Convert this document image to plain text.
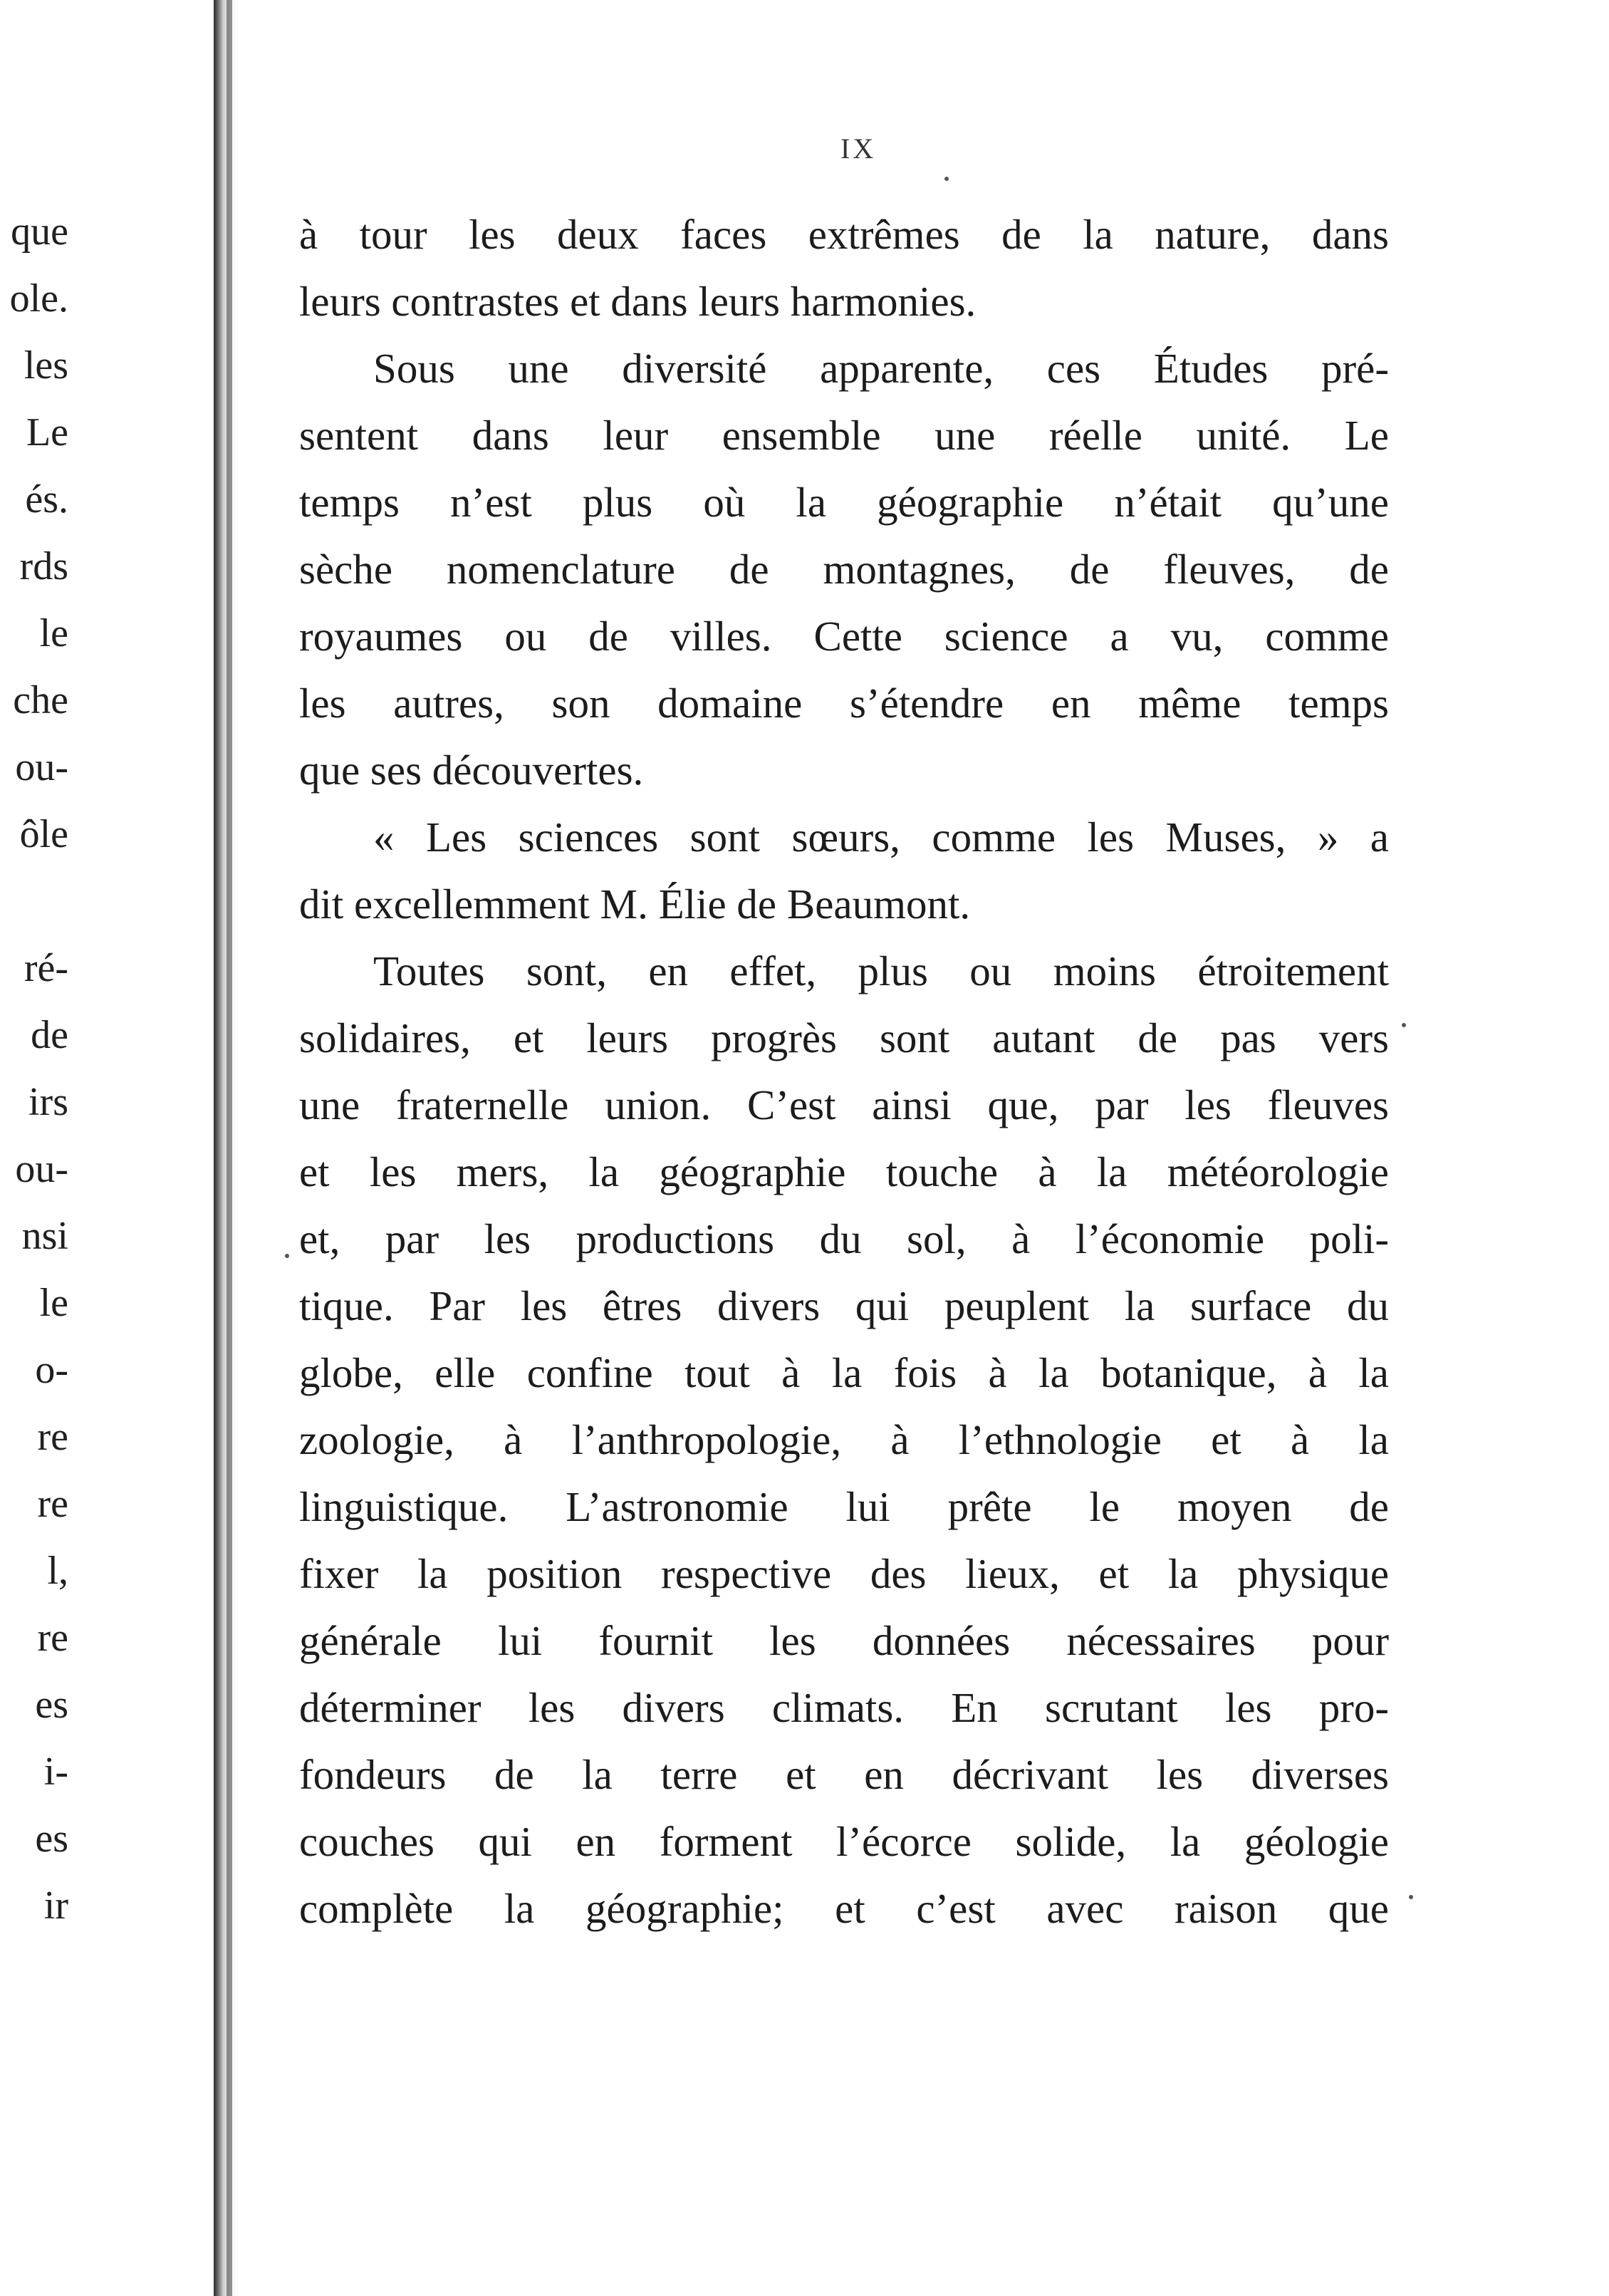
que
ole.
les
Le
és.
rds
le
che
ou-
ôle
ré-
de
irs
ou-
nsi
le
o-
re
re
l,
re
es
i-
es
ir
IX
à tour les deux faces extrêmes de la nature, dans
leurs contrastes et dans leurs harmonies.
Sous une diversité apparente, ces Études pré-
sentent dans leur ensemble une réelle unité. Le
temps n’est plus où la géographie n’était qu’une
sèche nomenclature de montagnes, de fleuves, de
royaumes ou de villes. Cette science a vu, comme
les autres, son domaine s’étendre en même temps
que ses découvertes.
« Les sciences sont sœurs, comme les Muses, » a
dit excellemment M. Élie de Beaumont.
Toutes sont, en effet, plus ou moins étroitement
solidaires, et leurs progrès sont autant de pas vers
une fraternelle union. C’est ainsi que, par les fleuves
et les mers, la géographie touche à la météorologie
et, par les productions du sol, à l’économie poli-
tique. Par les êtres divers qui peuplent la surface du
globe, elle confine tout à la fois à la botanique, à la
zoologie, à l’anthropologie, à l’ethnologie et à la
linguistique. L’astronomie lui prête le moyen de
fixer la position respective des lieux, et la physique
générale lui fournit les données nécessaires pour
déterminer les divers climats. En scrutant les pro-
fondeurs de la terre et en décrivant les diverses
couches qui en forment l’écorce solide, la géologie
complète la géographie; et c’est avec raison que
